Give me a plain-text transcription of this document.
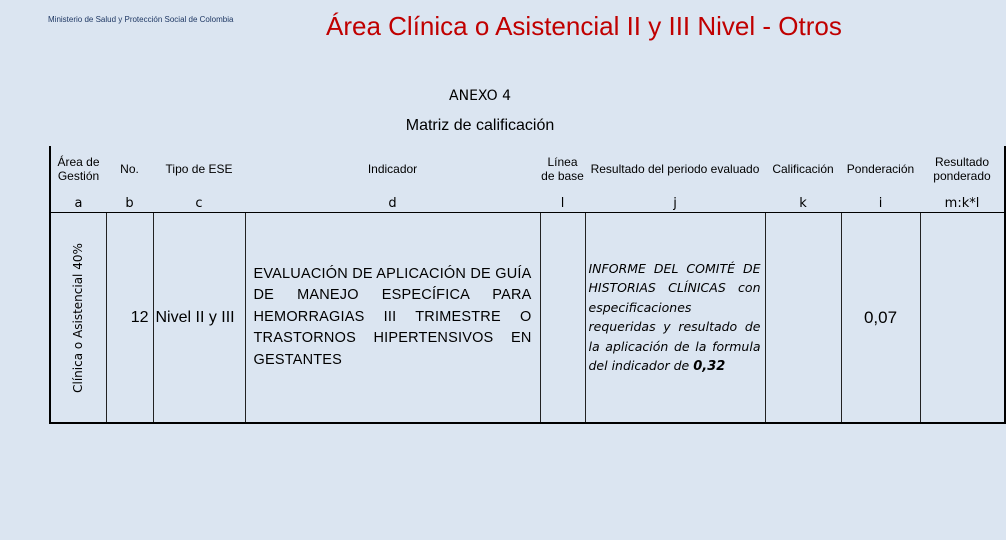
Ministerio de Salud y Protección Social de Colombia	Área Clínica o Asistencial II y III Nivel - Otros
ANEXO 4
Matriz de calificación
Área de Gestión	No.	Tipo de ESE	Indicador	Línea de base	Resultado del periodo evaluado	Calificación	Ponderación	Resultado ponderado
a	b	c	d	l	j	k	i	m:k*l

Clínica o Asistencial 40%	12	Nivel II y III	EVALUACIÓN DE APLICACIÓN DE GUÍA DE MANEJO ESPECÍFICA PARA HEMORRAGIAS III TRIMESTRE O TRASTORNOS HIPERTENSIVOS EN GESTANTES		INFORME DEL COMITÉ DE HISTORIAS CLÍNICAS con especificaciones requeridas y resultado de la aplicación de la formula del indicador de 0,32		0,07	
